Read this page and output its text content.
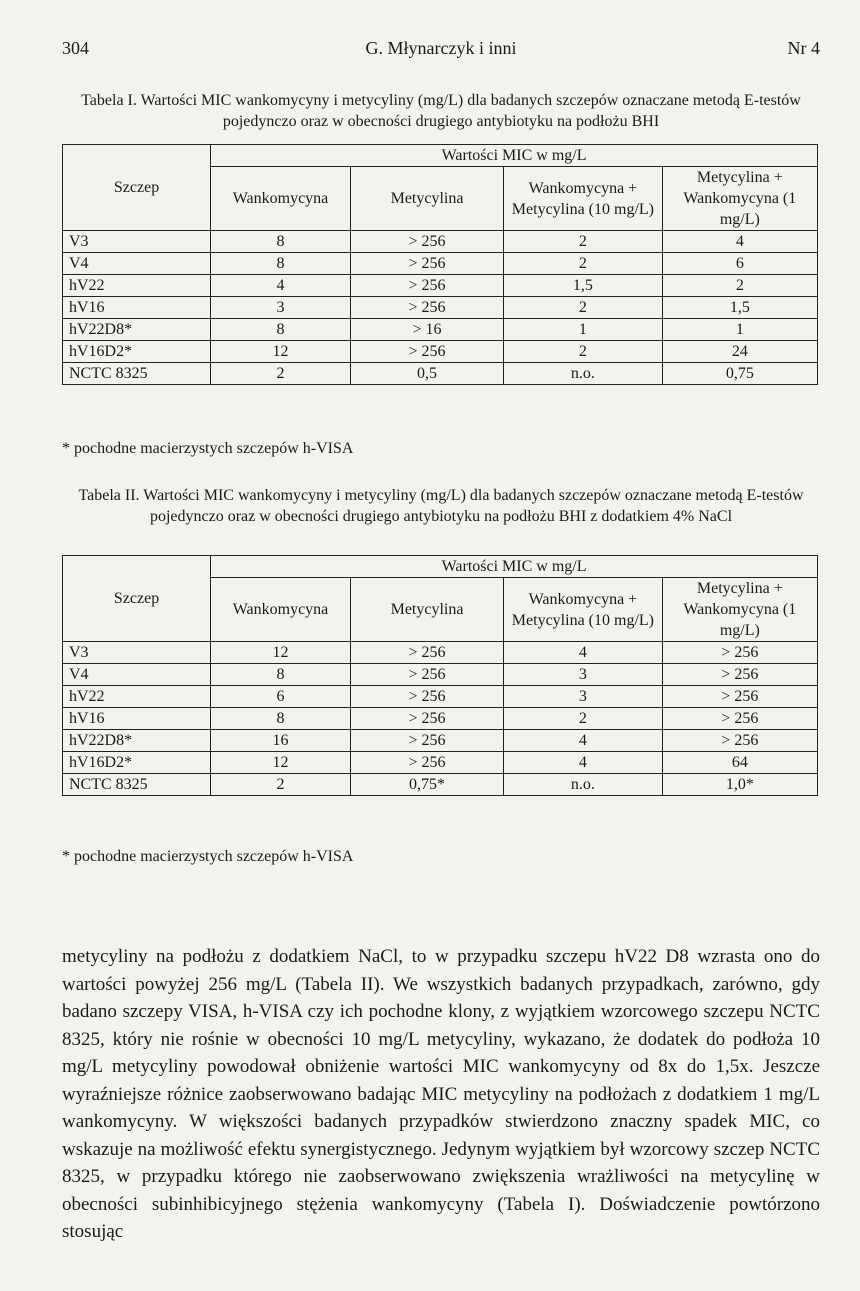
304	G. Młynarczyk i inni	Nr 4
Tabela I. Wartości MIC wankomycyny i metycyliny (mg/L) dla badanych szczepów oznaczane metodą E-testów pojedynczo oraz w obecności drugiego antybiotyku na podłożu BHI
Szczep	Wartości MIC w mg/L			
	Wankomycyna	Metycylina	Wankomycyna + Metycylina (10 mg/L)	Metycylina + Wankomycyna (1 mg/L)
V3	8	> 256	2	4
V4	8	> 256	2	6
hV22	4	> 256	1,5	2
hV16	3	> 256	2	1,5
hV22D8*	8	> 16	1	1
hV16D2*	12	> 256	2	24
NCTC 8325	2	0,5	n.o.	0,75
* pochodne macierzystych szczepów h-VISA
Tabela II. Wartości MIC wankomycyny i metycyliny (mg/L) dla badanych szczepów oznaczane metodą E-testów pojedynczo oraz w obecności drugiego antybiotyku na podłożu BHI z dodatkiem 4% NaCl
Szczep	Wartości MIC w mg/L			
	Wankomycyna	Metycylina	Wankomycyna + Metycylina (10 mg/L)	Metycylina + Wankomycyna (1 mg/L)
V3	12	> 256	4	> 256
V4	8	> 256	3	> 256
hV22	6	> 256	3	> 256
hV16	8	> 256	2	> 256
hV22D8*	16	> 256	4	> 256
hV16D2*	12	> 256	4	64
NCTC 8325	2	0,75*	n.o.	1,0*
* pochodne macierzystych szczepów h-VISA
metycyliny na podłożu z dodatkiem NaCl, to w przypadku szczepu hV22 D8 wzrasta ono do wartości powyżej 256 mg/L (Tabela II). We wszystkich badanych przypadkach, zarówno, gdy badano szczepy VISA, h-VISA czy ich pochodne klony, z wyjątkiem wzorcowego szczepu NCTC 8325, który nie rośnie w obecności 10 mg/L metycyliny, wykazano, że dodatek do podłoża 10 mg/L metycyliny powodował obniżenie wartości MIC wankomycyny od 8x do 1,5x. Jeszcze wyraźniejsze różnice zaobserwowano badając MIC metycyliny na podłożach z dodatkiem 1 mg/L wankomycyny. W większości badanych przypadków stwierdzono znaczny spadek MIC, co wskazuje na możliwość efektu synergistycznego. Jedynym wyjątkiem był wzorcowy szczep NCTC 8325, w przypadku którego nie zaobserwowano zwiększenia wrażliwości na metycylinę w obecności subinhibicyjnego stężenia wankomycyny (Tabela I). Doświadczenie powtórzono stosując
